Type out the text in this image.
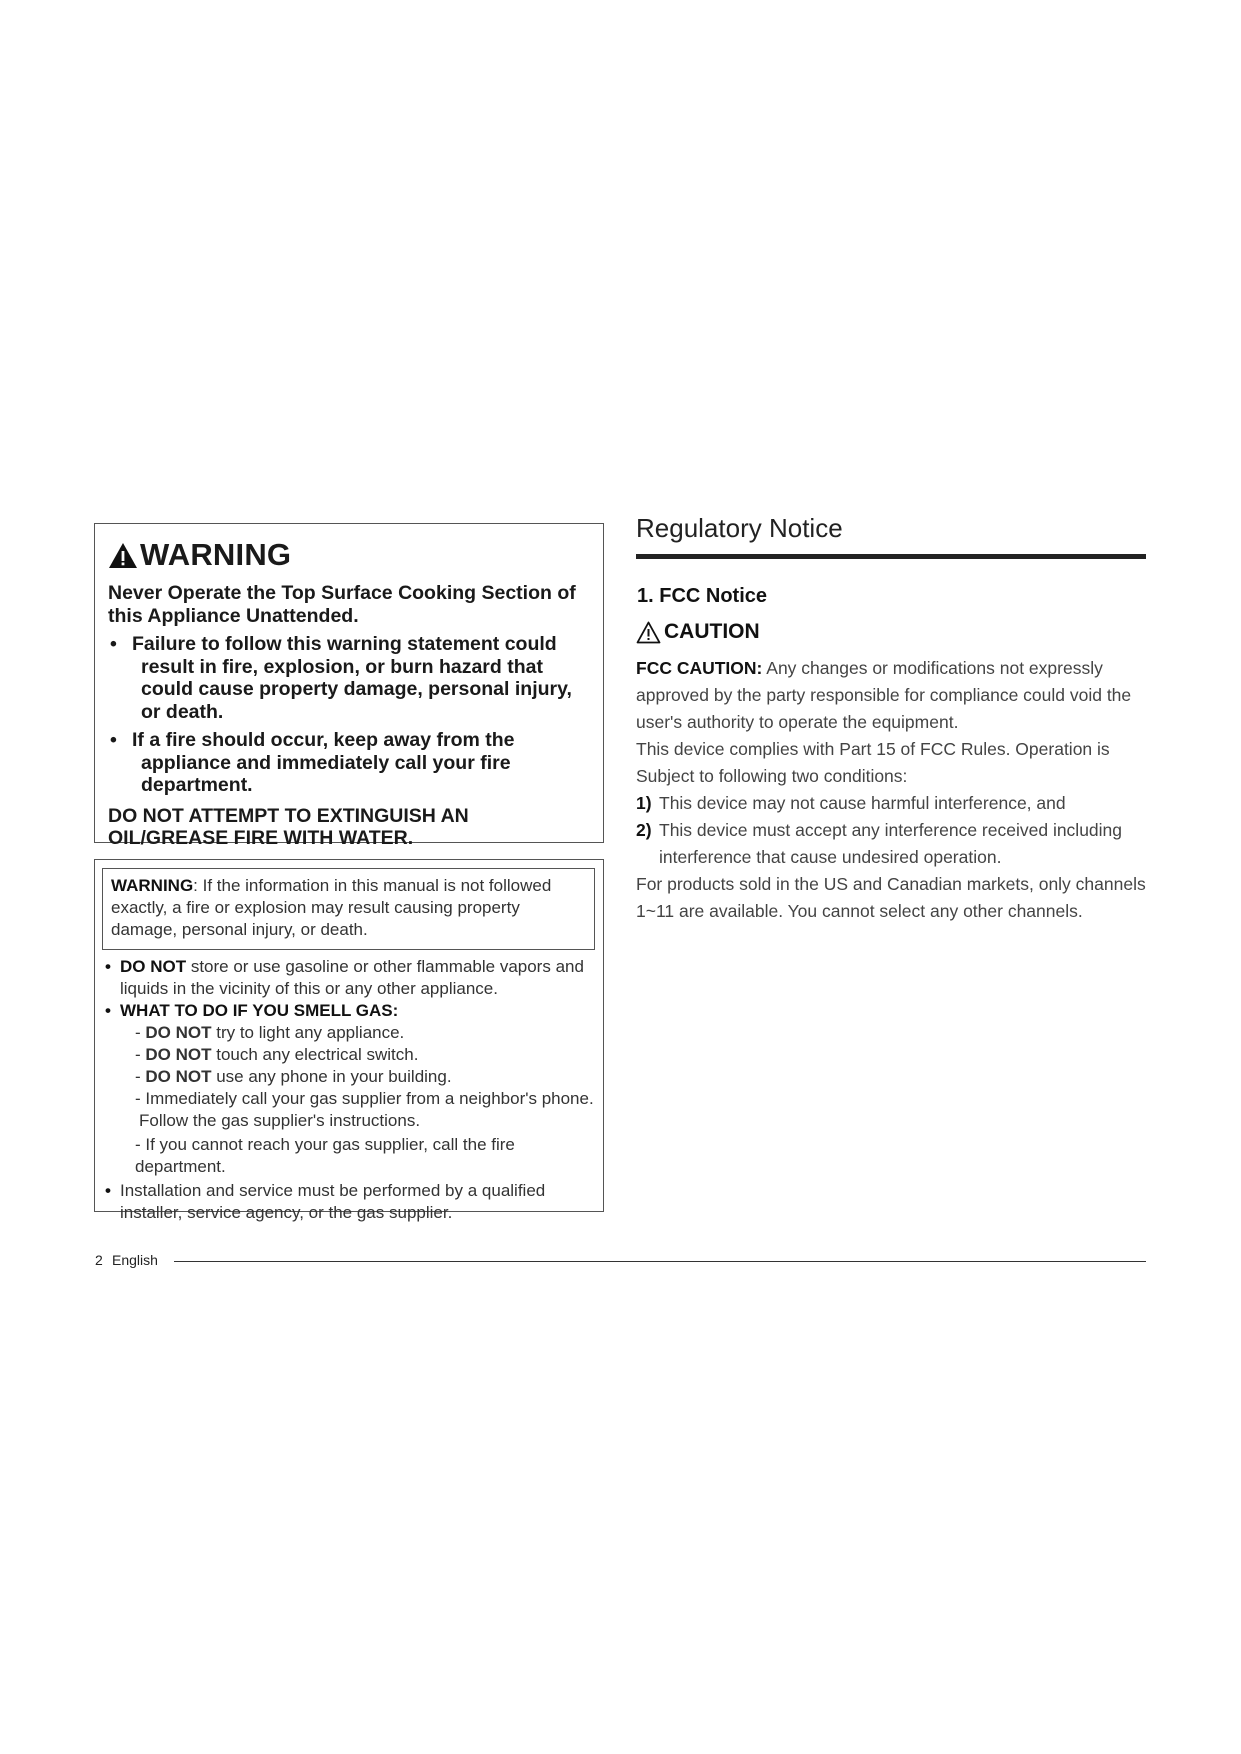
WARNING

Never Operate the Top Surface Cooking Section of this Appliance Unattended.

• Failure to follow this warning statement could result in fire, explosion, or burn hazard that could cause property damage, personal injury, or death.
• If a fire should occur, keep away from the appliance and immediately call your fire department.

DO NOT ATTEMPT TO EXTINGUISH AN OIL/GREASE FIRE WITH WATER.

WARNING: If the information in this manual is not followed exactly, a fire or explosion may result causing property damage, personal injury, or death.
• DO NOT store or use gasoline or other flammable vapors and liquids in the vicinity of this or any other appliance.
• WHAT TO DO IF YOU SMELL GAS:
- DO NOT try to light any appliance.
- DO NOT touch any electrical switch.
- DO NOT use any phone in your building.
- Immediately call your gas supplier from a neighbor's phone.
Follow the gas supplier's instructions.
- If you cannot reach your gas supplier, call the fire department.
• Installation and service must be performed by a qualified installer, service agency, or the gas supplier.
Regulatory Notice
1. FCC Notice
CAUTION
FCC CAUTION: Any changes or modifications not expressly approved by the party responsible for compliance could void the user's authority to operate the equipment.
This device complies with Part 15 of FCC Rules. Operation is Subject to following two conditions:
1) This device may not cause harmful interference, and
2) This device must accept any interference received including interference that cause undesired operation.
For products sold in the US and Canadian markets, only channels 1~11 are available. You cannot select any other channels.
2 English
